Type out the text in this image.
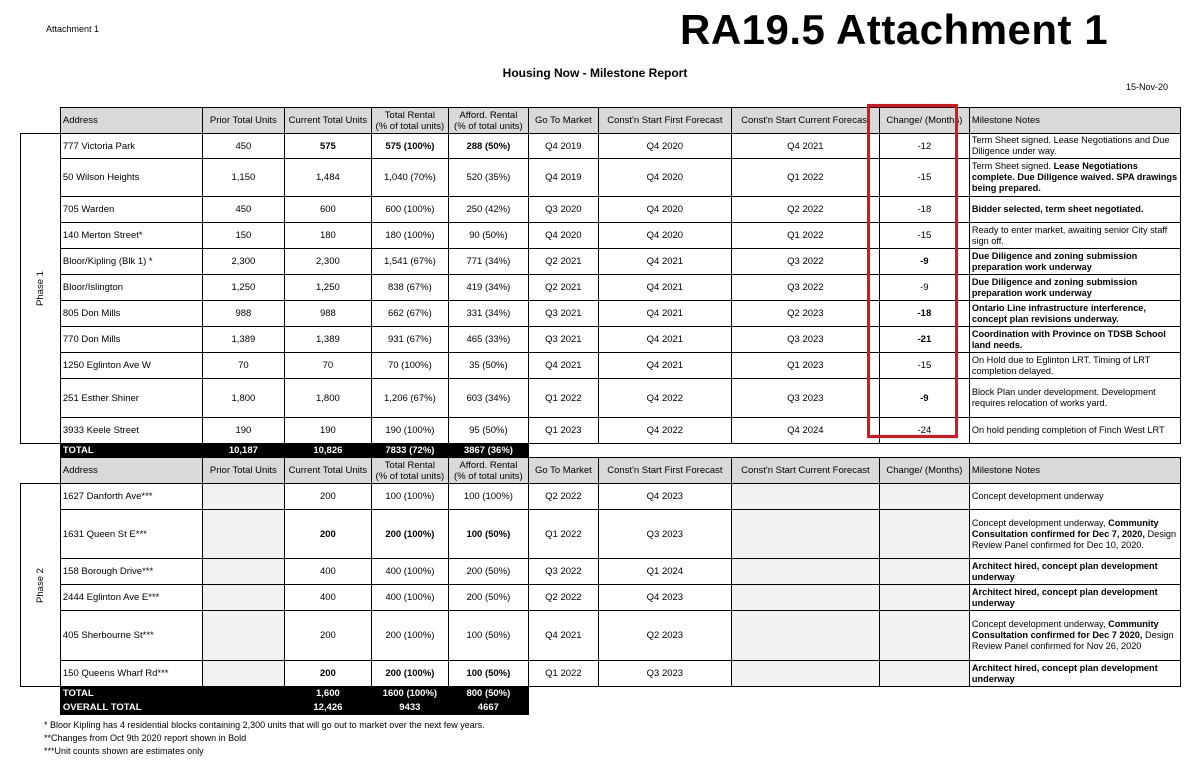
Attachment 1	RA19.5 Attachment 1
Housing Now - Milestone Report
15-Nov-20
	Address	Prior Total Units	Current Total Units	Total Rental
(% of total units)	Afford. Rental
(% of total units)	Go To Market	Const'n Start First Forecast	Const'n Start Current Forecast	Change/ (Months)	Milestone Notes
Phase 1	777 Victoria Park	450	575	575 (100%)	288 (50%)	Q4 2019	Q4 2020	Q4 2021	-12	Term Sheet signed. Lease Negotiations and Due Diligence under way.
	50 Wilson Heights	1,150	1,484	1,040 (70%)	520 (35%)	Q4 2019	Q4 2020	Q1 2022	-15	Term Sheet signed. Lease Negotiations complete. Due Diligence waived. SPA drawings being prepared.
	705 Warden	450	600	600 (100%)	250 (42%)	Q3 2020	Q4 2020	Q2 2022	-18	Bidder selected, term sheet negotiated.
	140 Merton Street*	150	180	180 (100%)	90 (50%)	Q4 2020	Q4 2020	Q1 2022	-15	Ready to enter market, awaiting senior City staff sign off.
	Bloor/Kipling (Blk 1) *	2,300	2,300	1,541 (67%)	771 (34%)	Q2 2021	Q4 2021	Q3 2022	-9	Due Diligence and zoning submission preparation work underway
	Bloor/Islington	1,250	1,250	838 (67%)	419 (34%)	Q2 2021	Q4 2021	Q3 2022	-9	Due Diligence and zoning submission preparation work underway
	805 Don Mills	988	988	662 (67%)	331 (34%)	Q3 2021	Q4 2021	Q2 2023	-18	Ontario Line infrastructure interference, concept plan revisions underway.
	770 Don Mills	1,389	1,389	931 (67%)	465 (33%)	Q3 2021	Q4 2021	Q3 2023	-21	Coordination with Province on TDSB School land needs.
	1250 Eglinton Ave W	70	70	70 (100%)	35 (50%)	Q4 2021	Q4 2021	Q1 2023	-15	On Hold due to Eglinton LRT. Timing of LRT completion delayed.
	251 Esther Shiner	1,800	1,800	1,206 (67%)	603 (34%)	Q1 2022	Q4 2022	Q3 2023	-9	Block Plan under development. Development requires relocation of works yard.
	3933 Keele Street	190	190	190 (100%)	95 (50%)	Q1 2023	Q4 2022	Q4 2024	-24	On hold pending completion of Finch West LRT
	TOTAL	10,187	10,826	7833 (72%)	3867 (36%)					
	Address	Prior Total Units	Current Total Units	Total Rental
(% of total units)	Afford. Rental
(% of total units)	Go To Market	Const'n Start First Forecast	Const'n Start Current Forecast	Change/ (Months)	Milestone Notes
Phase 2	1627 Danforth Ave***		200	100 (100%)	100 (100%)	Q2 2022	Q4 2023			Concept development underway
	1631 Queen St E***		200	200 (100%)	100 (50%)	Q1 2022	Q3 2023			Concept development underway, Community Consultation confirmed for Dec 7, 2020, Design Review Panel confirmed for Dec 10, 2020.
	158 Borough Drive***		400	400 (100%)	200 (50%)	Q3 2022	Q1 2024			Architect hired, concept plan development underway
	2444 Eglinton Ave E***		400	400 (100%)	200 (50%)	Q2 2022	Q4 2023			Architect hired, concept plan development underway
	405 Sherbourne St***		200	200 (100%)	100 (50%)	Q4 2021	Q2 2023			Concept development underway, Community Consultation confirmed for Dec 7 2020, Design Review Panel confirmed for Nov 26, 2020
	150 Queens Wharf Rd***		200	200 (100%)	100 (50%)	Q1 2022	Q3 2023			Architect hired, concept plan development underway
	TOTAL		1,600	1600 (100%)	800 (50%)					
	OVERALL TOTAL		12,426	9433	4667					
* Bloor Kipling has 4 residential blocks containing 2,300 units that will go out to market over the next few years.
**Changes from Oct 9th 2020 report shown in Bold
***Unit counts shown are estimates only
